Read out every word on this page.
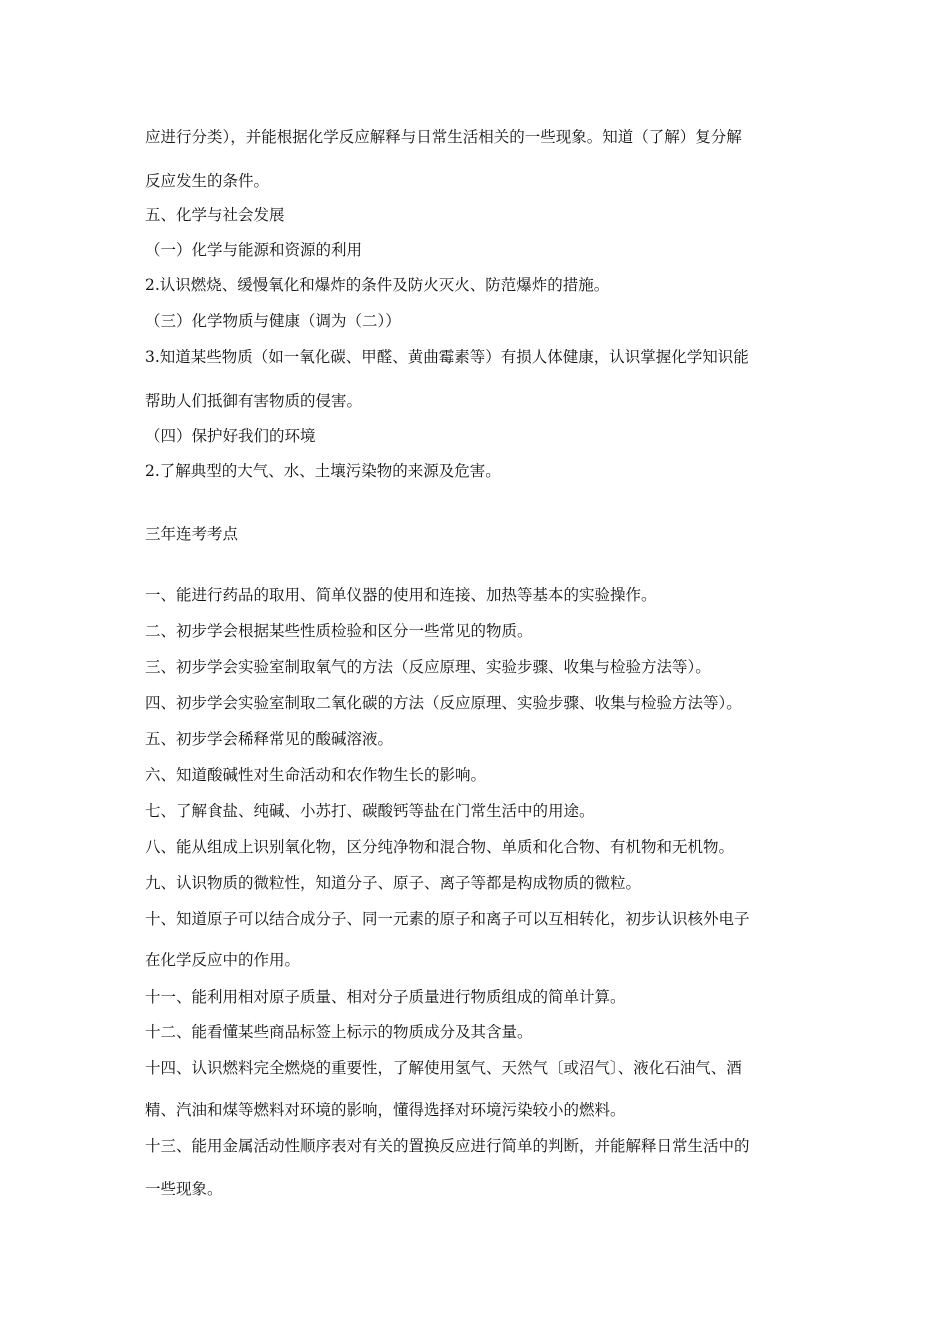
应进行分类），并能根据化学反应解释与日常生活相关的一些现象。知道（了解）复分解
反应发生的条件。
五、化学与社会发展
（一）化学与能源和资源的利用
2.认识燃烧、缓慢氧化和爆炸的条件及防火灭火、防范爆炸的措施。
（三）化学物质与健康（调为（二））
3.知道某些物质（如一氧化碳、甲醛、黄曲霉素等）有损人体健康，认识掌握化学知识能
帮助人们抵御有害物质的侵害。
（四）保护好我们的环境
2.了解典型的大气、水、土壤污染物的来源及危害。
三年连考考点
一、能进行药品的取用、简单仪器的使用和连接、加热等基本的实验操作。
二、初步学会根据某些性质检验和区分一些常见的物质。
三、初步学会实验室制取氧气的方法（反应原理、实验步骤、收集与检验方法等）。
四、初步学会实验室制取二氧化碳的方法（反应原理、实验步骤、收集与检验方法等）。
五、初步学会稀释常见的酸碱溶液。
六、知道酸碱性对生命活动和农作物生长的影响。
七、了解食盐、纯碱、小苏打、碳酸钙等盐在门常生活中的用途。
八、能从组成上识别氧化物，区分纯净物和混合物、单质和化合物、有机物和无机物。
九、认识物质的微粒性，知道分子、原子、离子等都是构成物质的微粒。
十、知道原子可以结合成分子、同一元素的原子和离子可以互相转化，初步认识核外电子
在化学反应中的作用。
十一、能利用相对原子质量、相对分子质量进行物质组成的简单计算。
十二、能看懂某些商品标签上标示的物质成分及其含量。
十四、认识燃料完全燃烧的重要性，了解使用氢气、天然气〔或沼气〕、液化石油气、酒
精、汽油和煤等燃料对环境的影响，懂得选择对环境污染较小的燃料。
十三、能用金属活动性顺序表对有关的置换反应进行简单的判断，并能解释日常生活中的
一些现象。
